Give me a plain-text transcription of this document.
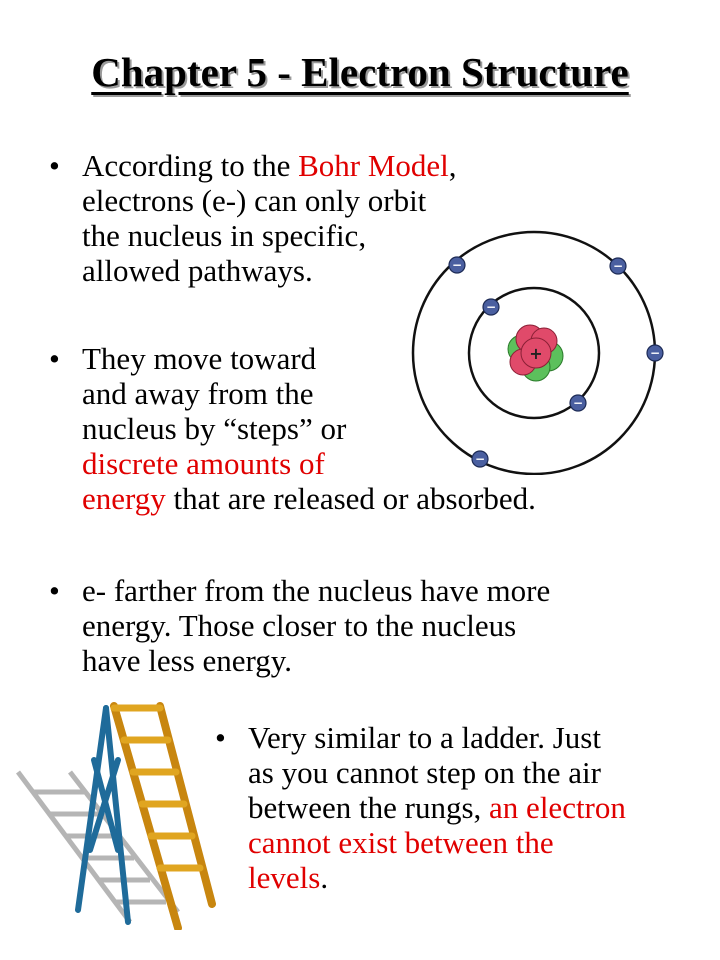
Chapter 5 - Electron Structure
• According to the Bohr Model,
electrons (e-) can only orbit
the nucleus in specific,
allowed pathways.
• They move toward
and away from the
nucleus by “steps” or
discrete amounts of
energy that are released or absorbed.
• e- farther from the nucleus have more
energy. Those closer to the nucleus
have less energy.
• Very similar to a ladder. Just
as you cannot step on the air
between the rungs, an electron
cannot exist between the
levels.
+
−	−
−
−
−
−
